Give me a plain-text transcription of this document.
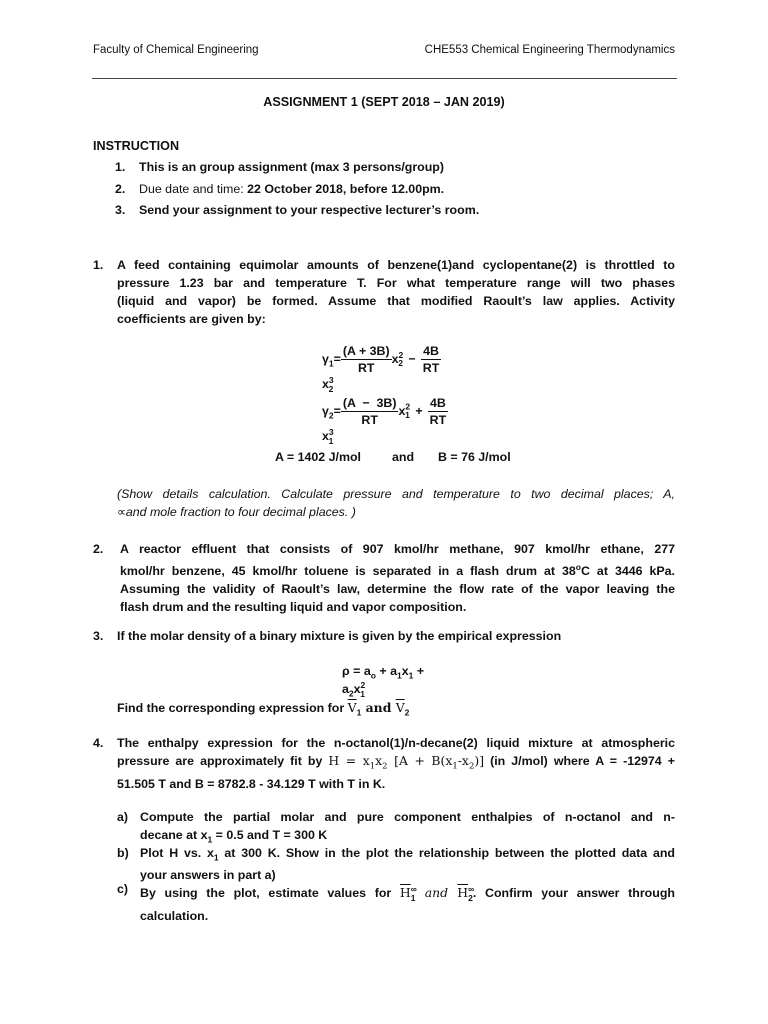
Faculty of Chemical Engineering	CHE553 Chemical Engineering Thermodynamics
ASSIGNMENT 1 (SEPT 2018 – JAN 2019)
INSTRUCTION
1. This is an group assignment (max 3 persons/group)
2. Due date and time: 22 October 2018, before 12.00pm.
3. Send your assignment to your respective lecturer’s room.
1. A feed containing equimolar amounts of benzene(1)and cyclopentane(2) is throttled to
pressure 1.23 bar and temperature T. For what temperature range will two phases
(liquid and vapor) be formed. Assume that modified Raoult’s law applies. Activity
coefficients are given by:
$\gamma_1= \frac{(A + 3B)}{RT} x^2_2 - \frac{4B}{RT}$
$x^3_2$
$\gamma_2= \frac{(A - 3B)}{RT} x^2_1 + \frac{4B}{RT}$
$x^3_1$
A = 1402 J/mol	and B = 76 J/mol
(Show details calculation. Calculate pressure and temperature to two decimal places; A,
∝and mole fraction to four decimal places. )
2. A reactor effluent that consists of 907 kmol/hr methane, 907 kmol/hr ethane, 277
kmol/hr benzene, 45 kmol/hr toluene is separated in a flash drum at 38$^o$C at 3446 kPa.
Assuming the validity of Raoult’s law, determine the flow rate of the vapor leaving the
flash drum and the resulting liquid and vapor composition.
3. If the molar density of a binary mixture is given by the empirical expression
$\rho = a_o + a_1x_1 + a_2x^2_1$
Find the corresponding expression for $\overline{V}_1$ and $\overline{V}_2$
4. The enthalpy expression for the n-octanol(1)/n-decane(2) liquid mixture at atmospheric
pressure are approximately fit by $H = x_1x_2$ $[A + B(x_1-x_2)]$ (in J/mol) where A = -12974 +
51.505 T and B = 8782.8 - 34.129 T with T in K.
a) Compute the partial molar and pure component enthalpies of n-octanol and n-
decane at $x_1 = 0.5$ and T = 300 K
b) Plot H vs. $x_1$ at 300 K. Show in the plot the relationship between the plotted data and
your answers in part a)
c) By using the plot, estimate values for $\overline{H}^\infty_1$ and $\overline{H}^\infty_2$. Confirm your answer through
calculation.
